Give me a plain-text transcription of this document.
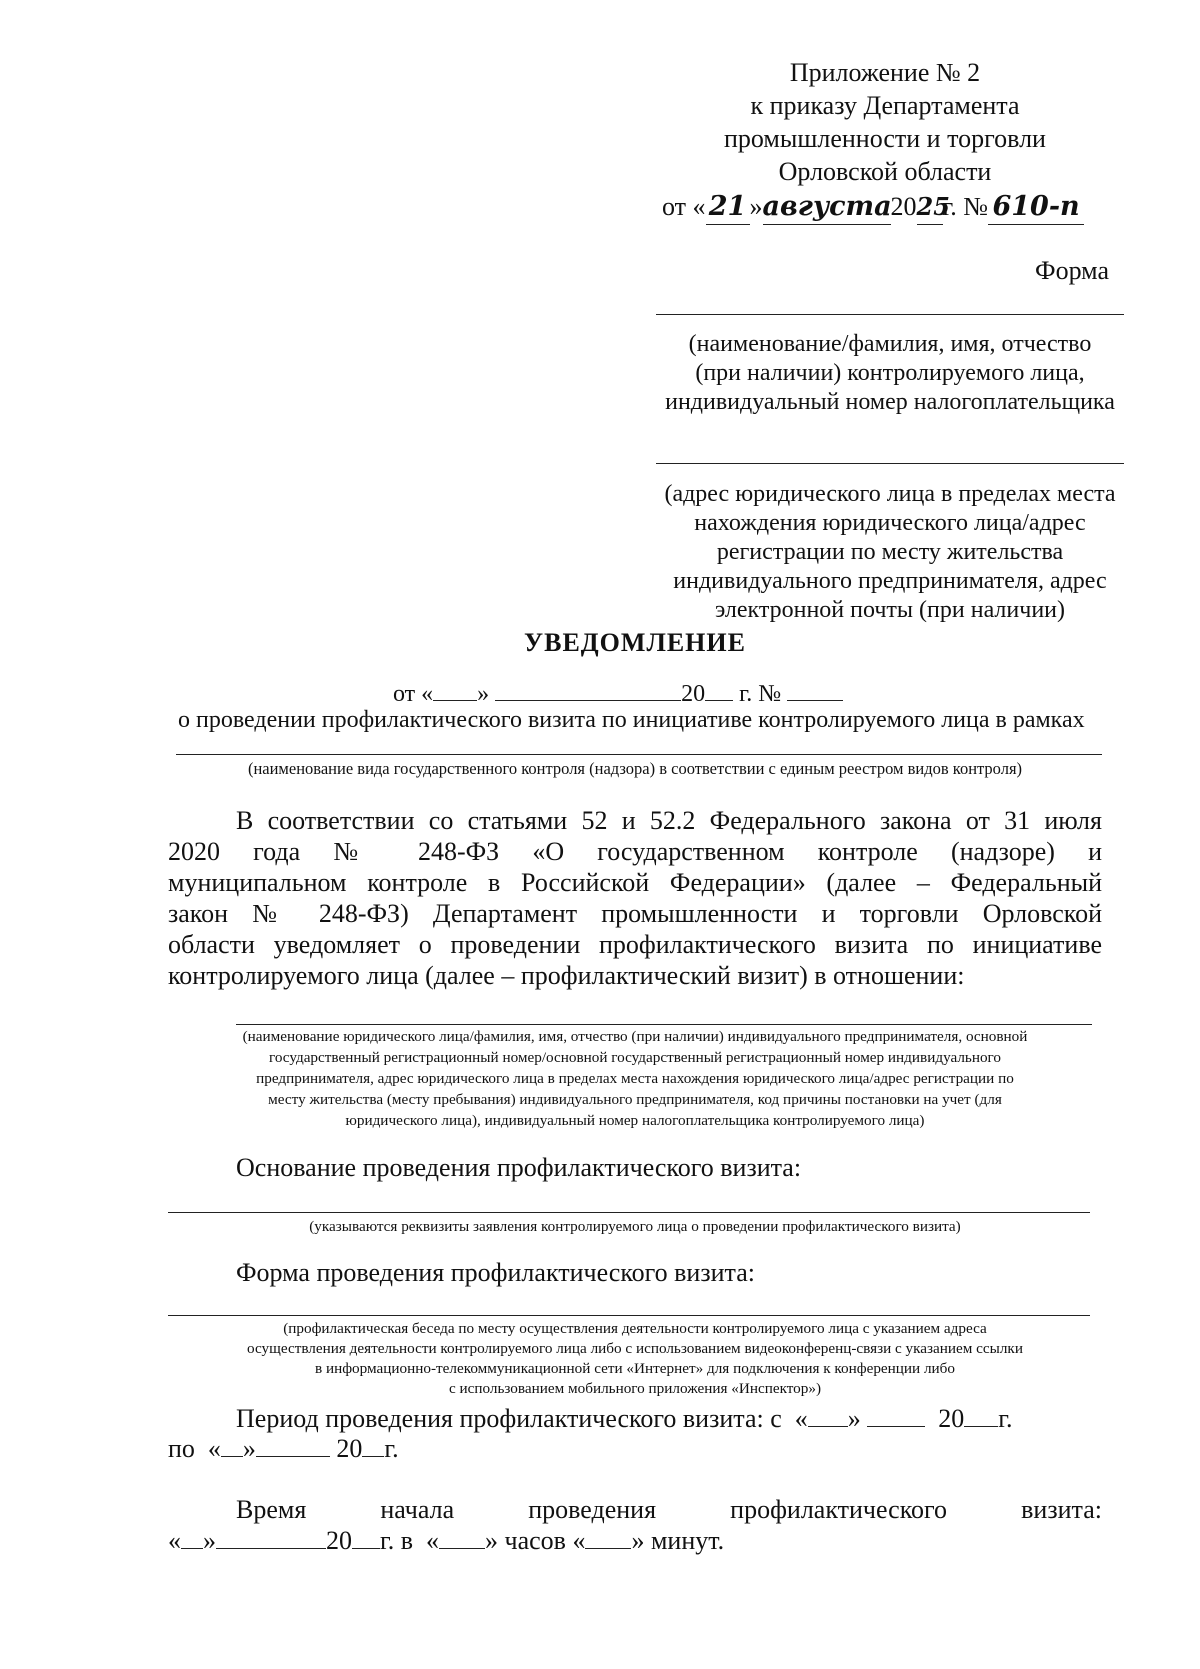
Приложение № 2
к приказу Департамента
промышленности и торговли
Орловской области
от « 21 »августа2025г. № 610-п
Форма
(наименование/фамилия, имя, отчество
(при наличии) контролируемого лица,
индивидуальный номер налогоплательщика
(адрес юридического лица в пределах места
нахождения юридического лица/адрес
регистрации по месту жительства
индивидуального предпринимателя, адрес
электронной почты (при наличии)
УВЕДОМЛЕНИЕ
от « »	20 г. №
о проведении профилактического визита по инициативе контролируемого лица в рамках
(наименование вида государственного контроля (надзора) в соответствии с единым реестром видов контроля)
В соответствии со статьями 52 и 52.2 Федерального закона от 31 июля
2020 года № 248-ФЗ «О государственном контроле (надзоре) и
муниципальном контроле в Российской Федерации» (далее – Федеральный
закон № 248-ФЗ) Департамент промышленности и торговли Орловской
области уведомляет о проведении профилактического визита по инициативе
контролируемого лица (далее – профилактический визит) в отношении:
(наименование юридического лица/фамилия, имя, отчество (при наличии) индивидуального предпринимателя, основной
государственный регистрационный номер/основной государственный регистрационный номер индивидуального
предпринимателя, адрес юридического лица в пределах места нахождения юридического лица/адрес регистрации по
месту жительства (месту пребывания) индивидуального предпринимателя, код причины постановки на учет (для
юридического лица), индивидуальный номер налогоплательщика контролируемого лица)
Основание проведения профилактического визита:
(указываются реквизиты заявления контролируемого лица о проведении профилактического визита)
Форма проведения профилактического визита:
(профилактическая беседа по месту осуществления деятельности контролируемого лица с указанием адреса
осуществления деятельности контролируемого лица либо с использованием видеоконференц-связи с указанием ссылки
в информационно-телекоммуникационной сети «Интернет» для подключения к конференции либо
с использованием мобильного приложения «Инспектор»)
Период проведения профилактического визита: с « »	20 г.
по « »	20 г.
Время	начала	проведения	профилактического	визита:
« »	20 г. в « » часов « » минут.
